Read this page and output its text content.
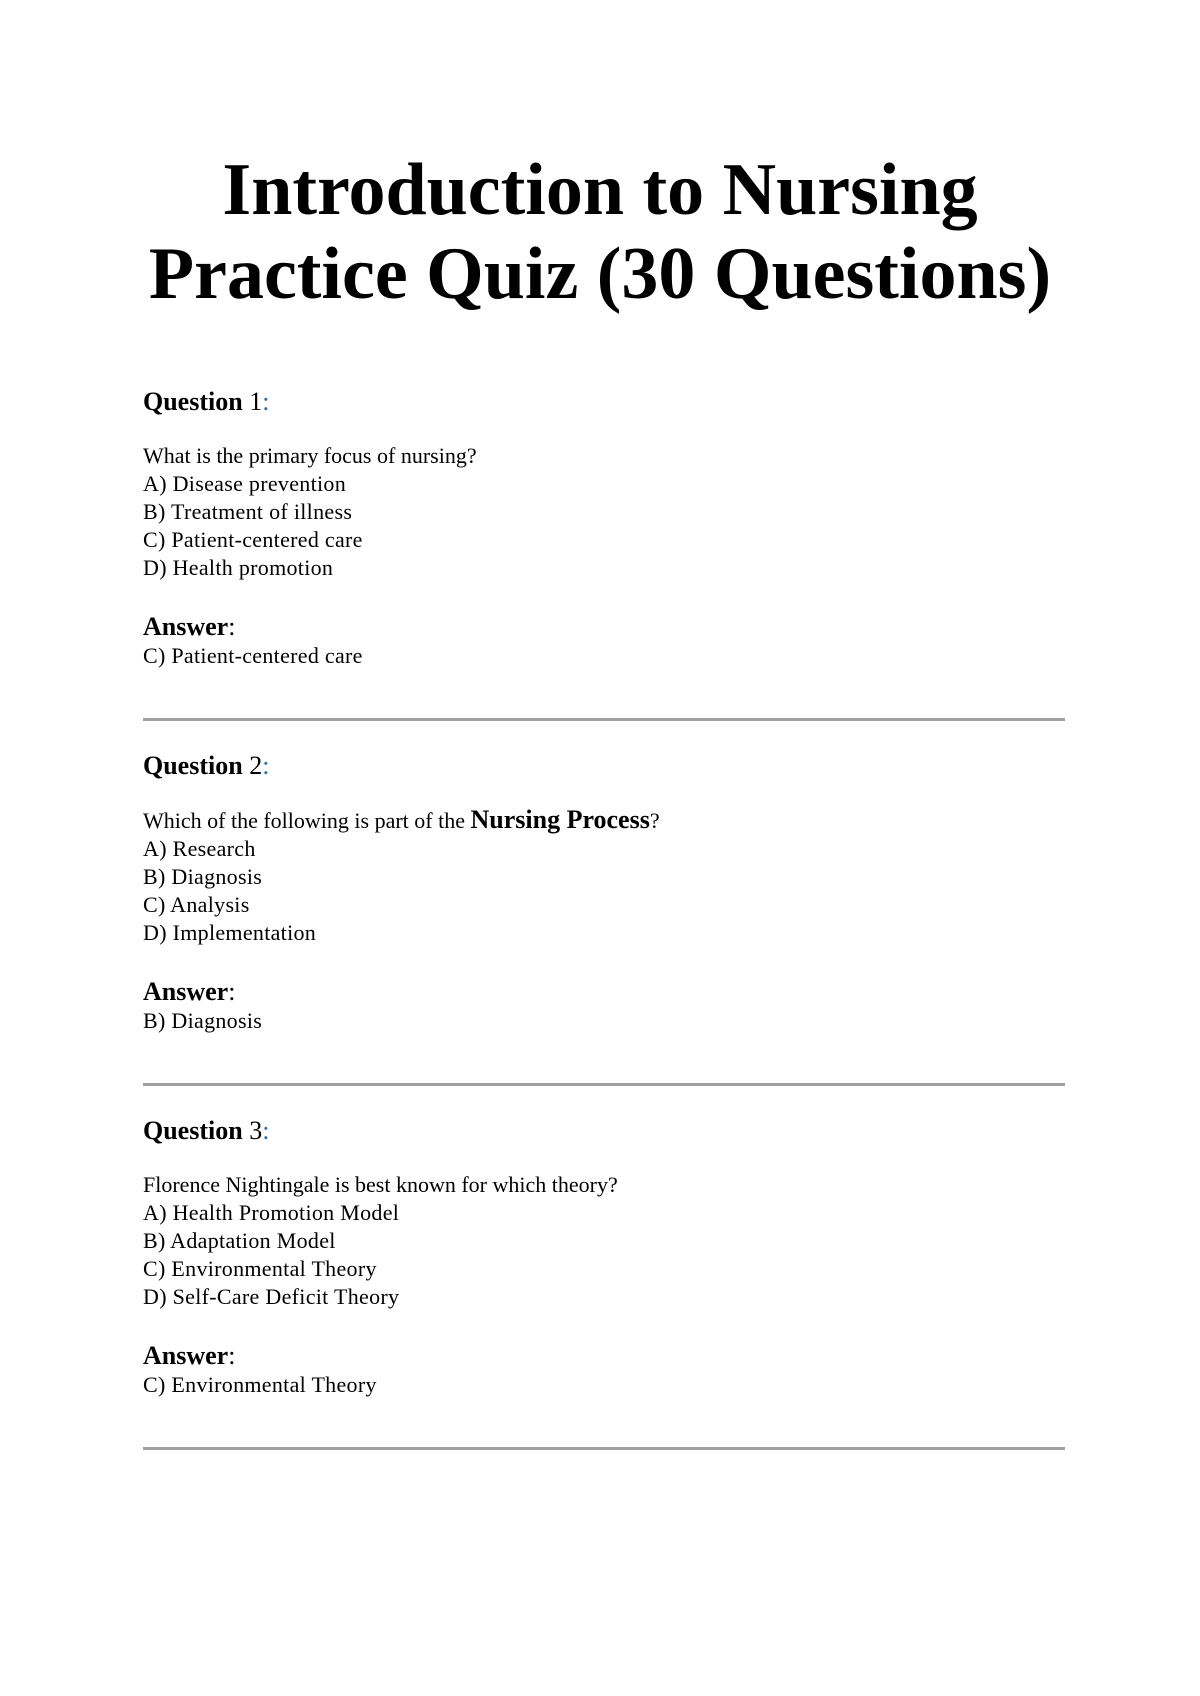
Introduction to Nursing
Practice Quiz (30 Questions)
Question 1:
What is the primary focus of nursing?
A) Disease prevention
B) Treatment of illness
C) Patient-centered care
D) Health promotion
Answer:
C) Patient-centered care
Question 2:
Which of the following is part of the Nursing Process?
A) Research
B) Diagnosis
C) Analysis
D) Implementation
Answer:
B) Diagnosis
Question 3:
Florence Nightingale is best known for which theory?
A) Health Promotion Model
B) Adaptation Model
C) Environmental Theory
D) Self-Care Deficit Theory
Answer:
C) Environmental Theory
